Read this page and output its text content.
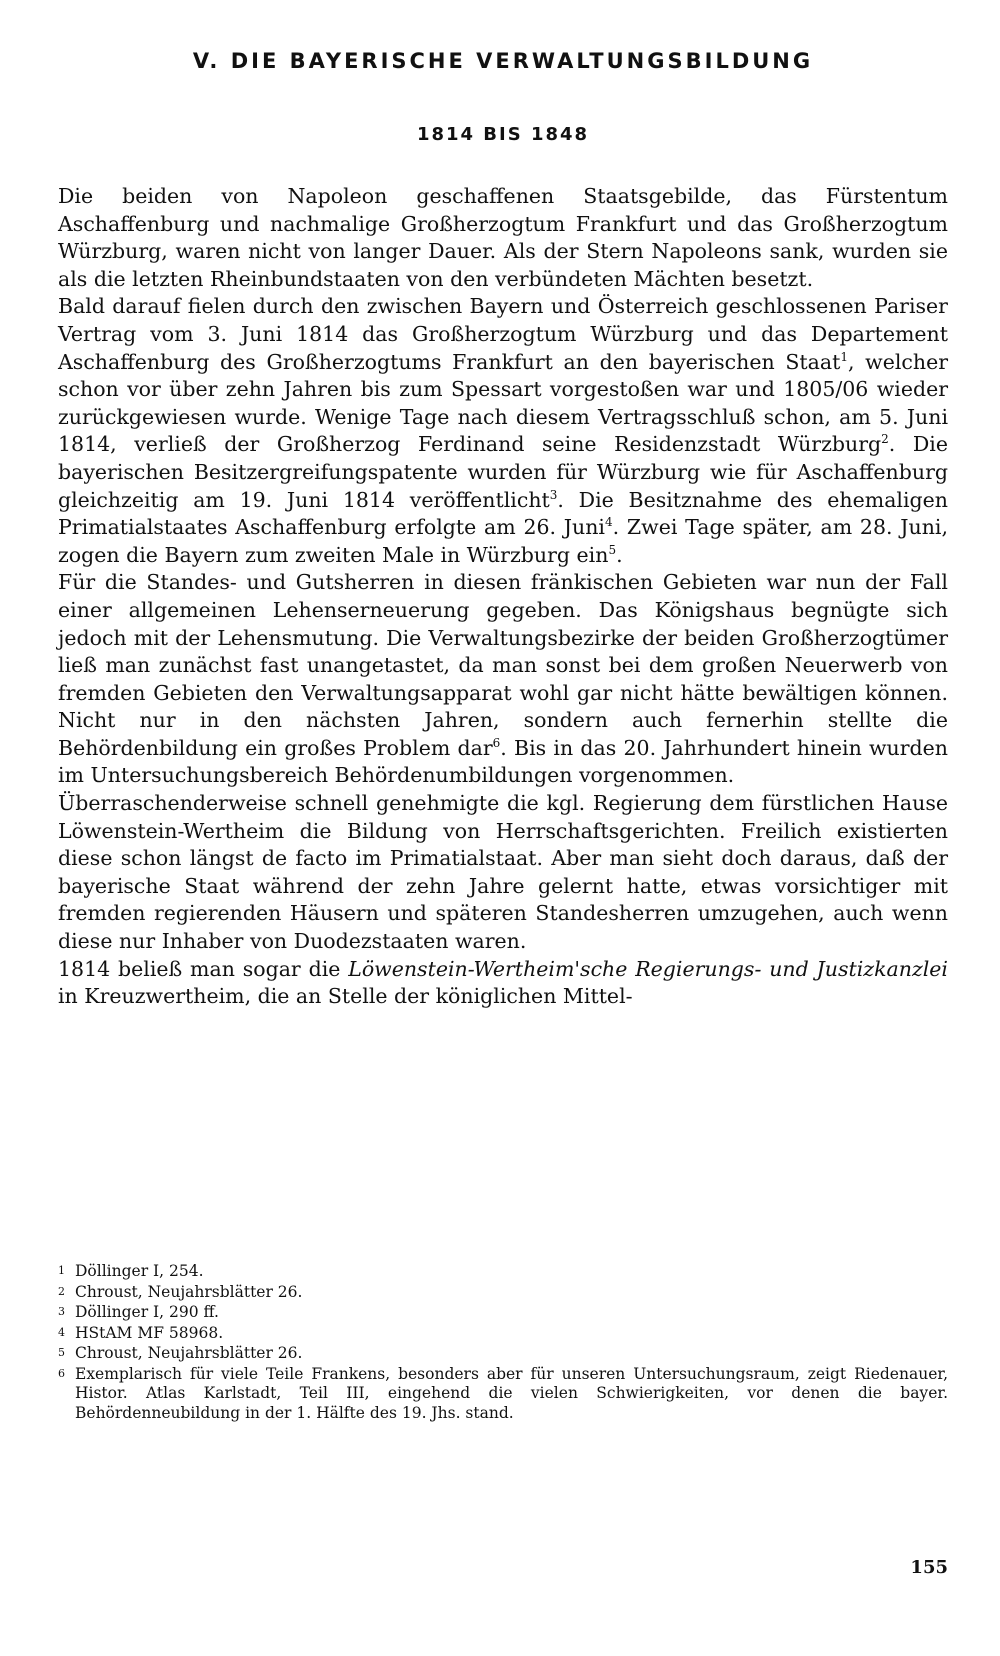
V. DIE BAYERISCHE VERWALTUNGSBILDUNG
1814 BIS 1848

Die beiden von Napoleon geschaffenen Staatsgebilde, das Fürstentum Aschaffenburg und nachmalige Großherzogtum Frankfurt und das Großherzogtum Würzburg, waren nicht von langer Dauer. Als der Stern Napoleons sank, wurden sie als die letzten Rheinbundstaaten von den verbündeten Mächten besetzt.

Bald darauf fielen durch den zwischen Bayern und Österreich geschlossenen Pariser Vertrag vom 3. Juni 1814 das Großherzogtum Würzburg und das Departement Aschaffenburg des Großherzogtums Frankfurt an den bayerischen Staat$^1$, welcher schon vor über zehn Jahren bis zum Spessart vorgestoßen war und 1805/06 wieder zurückgewiesen wurde. Wenige Tage nach diesem Vertragsschluß schon, am 5. Juni 1814, verließ der Großherzog Ferdinand seine Residenzstadt Würzburg$^2$. Die bayerischen Besitzergreifungspatente wurden für Würzburg wie für Aschaffenburg gleichzeitig am 19. Juni 1814 veröffentlicht$^3$. Die Besitznahme des ehemaligen Primatialstaates Aschaffenburg erfolgte am 26. Juni$^4$. Zwei Tage später, am 28. Juni, zogen die Bayern zum zweiten Male in Würzburg ein$^5$.

Für die Standes- und Gutsherren in diesen fränkischen Gebieten war nun der Fall einer allgemeinen Lehenserneuerung gegeben. Das Königshaus begnügte sich jedoch mit der Lehensmutung. Die Verwaltungsbezirke der beiden Großherzogtümer ließ man zunächst fast unangetastet, da man sonst bei dem großen Neuerwerb von fremden Gebieten den Verwaltungsapparat wohl gar nicht hätte bewältigen können. Nicht nur in den nächsten Jahren, sondern auch fernerhin stellte die Behördenbildung ein großes Problem dar$^6$. Bis in das 20. Jahrhundert hinein wurden im Untersuchungsbereich Behördenumbildungen vorgenommen.

Überraschenderweise schnell genehmigte die kgl. Regierung dem fürstlichen Hause Löwenstein-Wertheim die Bildung von Herrschaftsgerichten. Freilich existierten diese schon längst de facto im Primatialstaat. Aber man sieht doch daraus, daß der bayerische Staat während der zehn Jahre gelernt hatte, etwas vorsichtiger mit fremden regierenden Häusern und späteren Standesherren umzugehen, auch wenn diese nur Inhaber von Duodezstaaten waren.

1814 beließ man sogar die Löwenstein-Wertheim'sche Regierungs- und Justizkanzlei in Kreuzwertheim, die an Stelle der königlichen Mittel-

1 Döllinger I, 254.

2 Chroust, Neujahrsblätter 26.

3 Döllinger I, 290 ff.

4 HStAM MF 58968.

5 Chroust, Neujahrsblätter 26.

6 Exemplarisch für viele Teile Frankens, besonders aber für unseren Untersuchungsraum, zeigt Riedenauer, Histor. Atlas Karlstadt, Teil III, eingehend die vielen Schwierigkeiten, vor denen die bayer. Behördenneubildung in der 1. Hälfte des 19. Jhs. stand.

155
